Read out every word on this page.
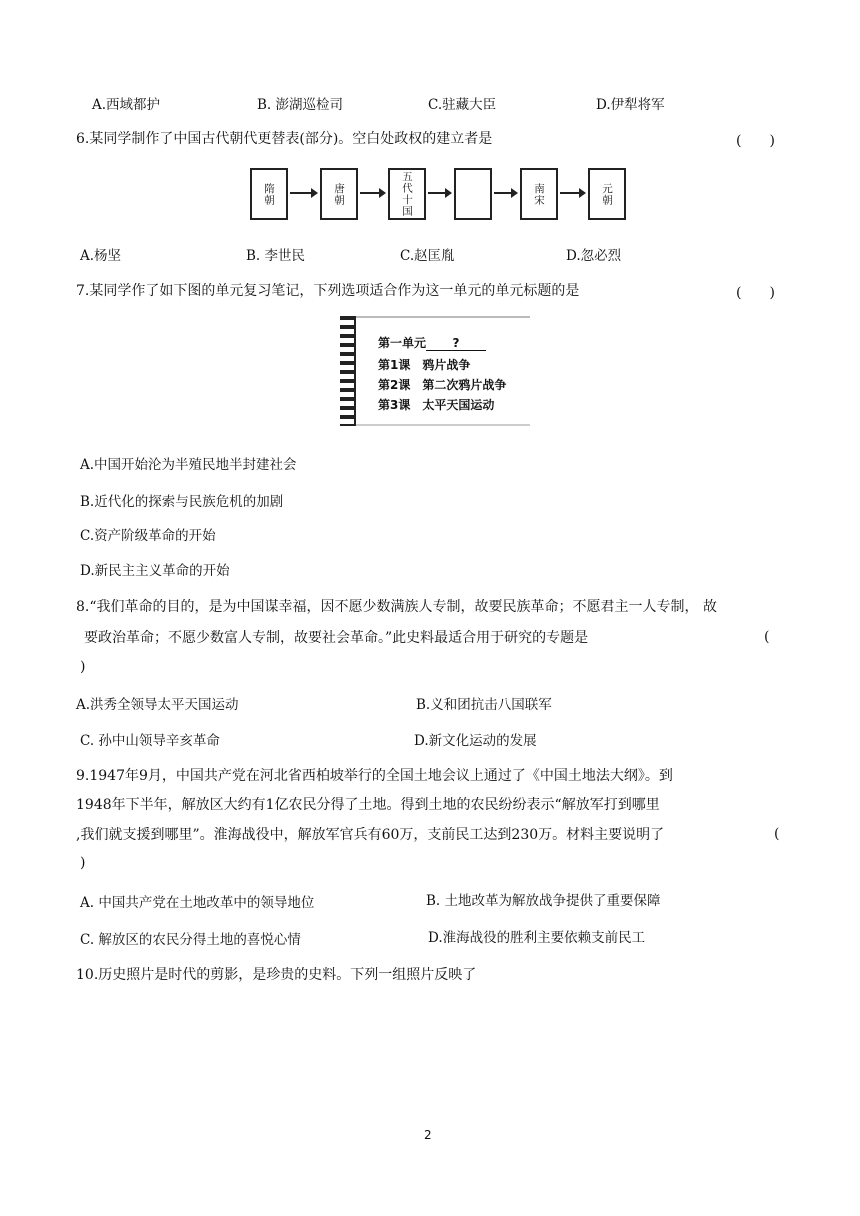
A.西域都护	B. 澎湖巡检司	C.驻藏大臣	D.伊犁将军
6.某同学制作了中国古代朝代更替表(部分)。空白处政权的建立者是	(　　)
隋朝	唐朝	五代十国	南宋	元朝
A.杨坚	B. 李世民	C.赵匡胤	D.忽必烈
7.某同学作了如下图的单元复习笔记，下列选项适合作为这一单元的单元标题的是	(　　)
第一单元 ?
第1课　鸦片战争
第2课　第二次鸦片战争
第3课　太平天国运动
A.中国开始沦为半殖民地半封建社会
B.近代化的探索与民族危机的加剧
C.资产阶级革命的开始
D.新民主主义革命的开始
8.“我们革命的目的，是为中国谋幸福，因不愿少数满族人专制，故要民族革命；不愿君主一人专制， 故
要政治革命；不愿少数富人专制，故要社会革命。”此史料最适合用于研究的专题是	(
)
A.洪秀全领导太平天国运动	B.义和团抗击八国联军
C. 孙中山领导辛亥革命	D.新文化运动的发展
9.1947年9月，中国共产党在河北省西柏坡举行的全国土地会议上通过了《中国土地法大纲》。到
1948年下半年，解放区大约有1亿农民分得了土地。得到土地的农民纷纷表示“解放军打到哪里
,我们就支援到哪里”。淮海战役中，解放军官兵有60万，支前民工达到230万。材料主要说明了	(
)
A. 中国共产党在土地改革中的领导地位	B. 土地改革为解放战争提供了重要保障
C. 解放区的农民分得土地的喜悦心情	D.淮海战役的胜利主要依赖支前民工
10.历史照片是时代的剪影，是珍贵的史料。下列一组照片反映了
2
